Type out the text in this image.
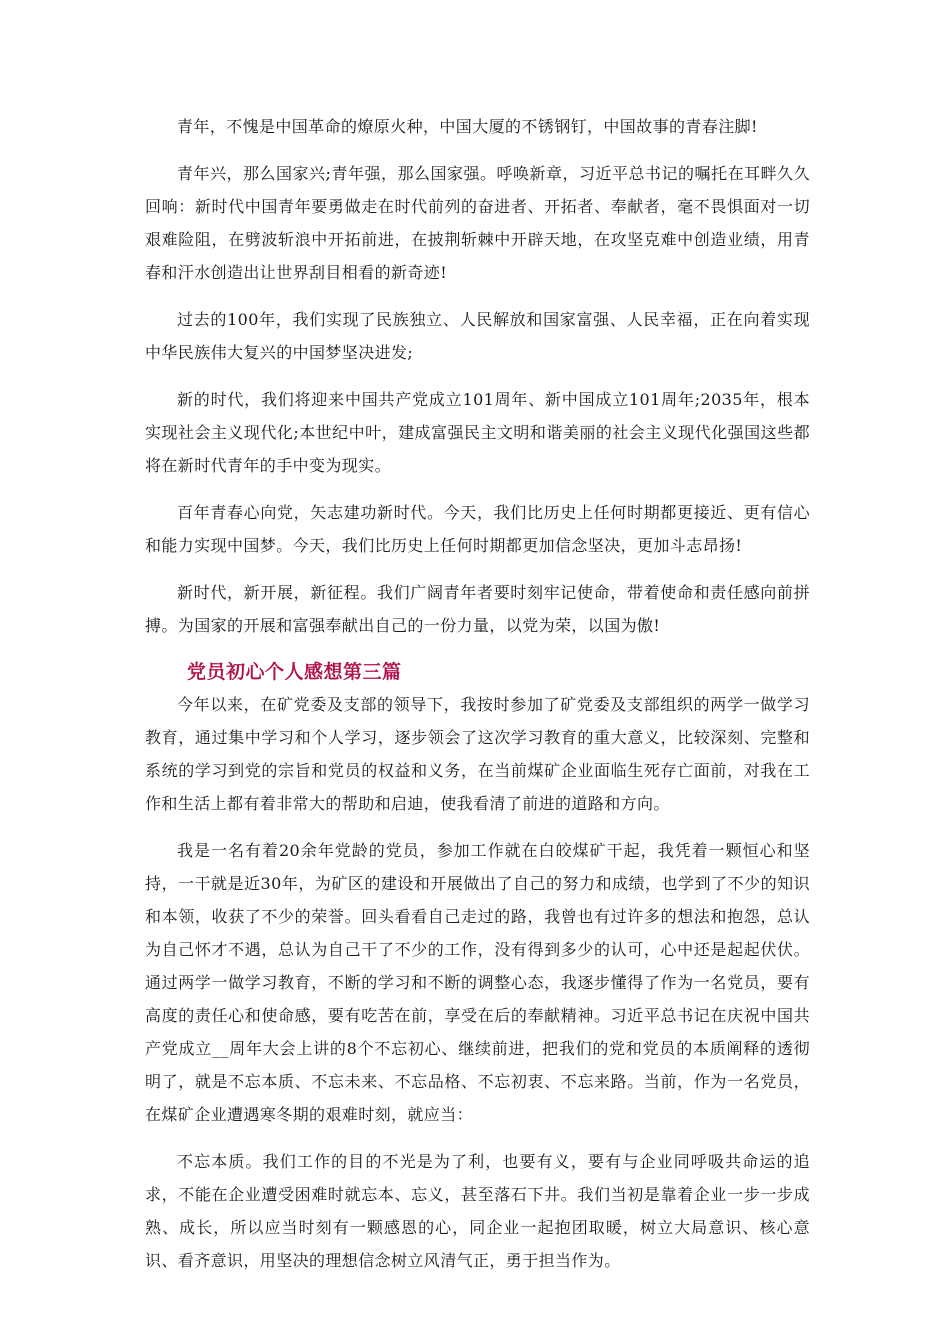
青年，不愧是中国革命的燎原火种，中国大厦的不锈钢钉，中国故事的青春注脚!

青年兴，那么国家兴;青年强，那么国家强。呼唤新章，习近平总书记的嘱托在耳畔久久回响：新时代中国青年要勇做走在时代前列的奋进者、开拓者、奉献者，毫不畏惧面对一切艰难险阻，在劈波斩浪中开拓前进，在披荆斩棘中开辟天地，在攻坚克难中创造业绩，用青春和汗水创造出让世界刮目相看的新奇迹!

过去的100年，我们实现了民族独立、人民解放和国家富强、人民幸福，正在向着实现中华民族伟大复兴的中国梦坚决进发;

新的时代，我们将迎来中国共产党成立101周年、新中国成立101周年;2035年，根本实现社会主义现代化;本世纪中叶，建成富强民主文明和谐美丽的社会主义现代化强国这些都将在新时代青年的手中变为现实。

百年青春心向党，矢志建功新时代。今天，我们比历史上任何时期都更接近、更有信心和能力实现中国梦。今天，我们比历史上任何时期都更加信念坚决，更加斗志昂扬!

新时代，新开展，新征程。我们广阔青年者要时刻牢记使命，带着使命和责任感向前拼搏。为国家的开展和富强奉献出自己的一份力量，以党为荣，以国为傲!

党员初心个人感想第三篇

今年以来，在矿党委及支部的领导下，我按时参加了矿党委及支部组织的两学一做学习教育，通过集中学习和个人学习，逐步领会了这次学习教育的重大意义，比较深刻、完整和系统的学习到党的宗旨和党员的权益和义务，在当前煤矿企业面临生死存亡面前，对我在工作和生活上都有着非常大的帮助和启迪，使我看清了前进的道路和方向。

我是一名有着20余年党龄的党员，参加工作就在白皎煤矿干起，我凭着一颗恒心和坚持，一干就是近30年，为矿区的建设和开展做出了自己的努力和成绩，也学到了不少的知识和本领，收获了不少的荣誉。回头看看自己走过的路，我曾也有过许多的想法和抱怨，总认为自己怀才不遇，总认为自己干了不少的工作，没有得到多少的认可，心中还是起起伏伏。通过两学一做学习教育，不断的学习和不断的调整心态，我逐步懂得了作为一名党员，要有高度的责任心和使命感，要有吃苦在前，享受在后的奉献精神。习近平总书记在庆祝中国共产党成立__周年大会上讲的8个不忘初心、继续前进，把我们的党和党员的本质阐释的透彻明了，就是不忘本质、不忘未来、不忘品格、不忘初衷、不忘来路。当前，作为一名党员，在煤矿企业遭遇寒冬期的艰难时刻，就应当：

不忘本质。我们工作的目的不光是为了利，也要有义，要有与企业同呼吸共命运的追求，不能在企业遭受困难时就忘本、忘义，甚至落石下井。我们当初是靠着企业一步一步成熟、成长，所以应当时刻有一颗感恩的心，同企业一起抱团取暖，树立大局意识、核心意识、看齐意识，用坚决的理想信念树立风清气正，勇于担当作为。
